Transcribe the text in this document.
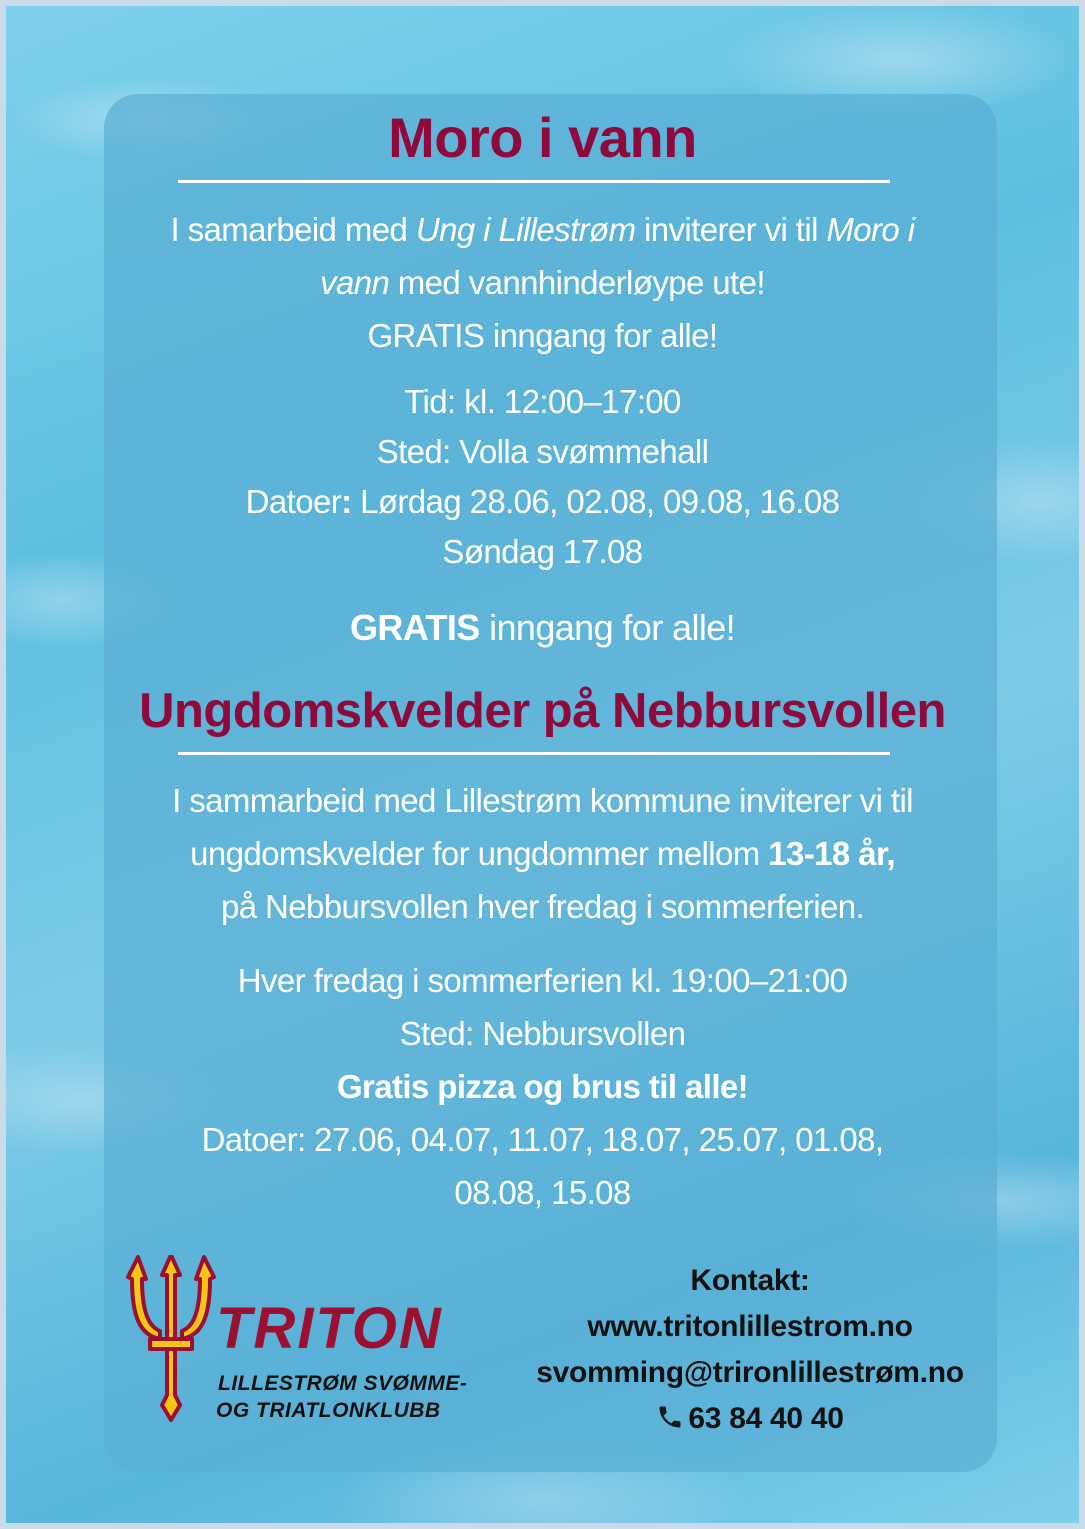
Moro i vann
I samarbeid med Ung i Lillestrøm inviterer vi til Moro i
vann med vannhinderløype ute!
GRATIS inngang for alle!
Tid: kl. 12:00–17:00
Sted: Volla svømmehall
Datoer: Lørdag 28.06, 02.08, 09.08, 16.08
Søndag 17.08
GRATIS inngang for alle!
Ungdomskvelder på Nebbursvollen
I sammarbeid med Lillestrøm kommune inviterer vi til
ungdomskvelder for ungdommer mellom 13-18 år,
på Nebbursvollen hver fredag i sommerferien.
Hver fredag i sommerferien kl. 19:00–21:00
Sted: Nebbursvollen
Gratis pizza og brus til alle!
Datoer: 27.06, 04.07, 11.07, 18.07, 25.07, 01.08,
08.08, 15.08
TRITON
LILLESTRØM SVØMME-
OG TRIATLONKLUBB
Kontakt:
www.tritonlillestrom.no
svomming@trironlillestrøm.no
63 84 40 40
